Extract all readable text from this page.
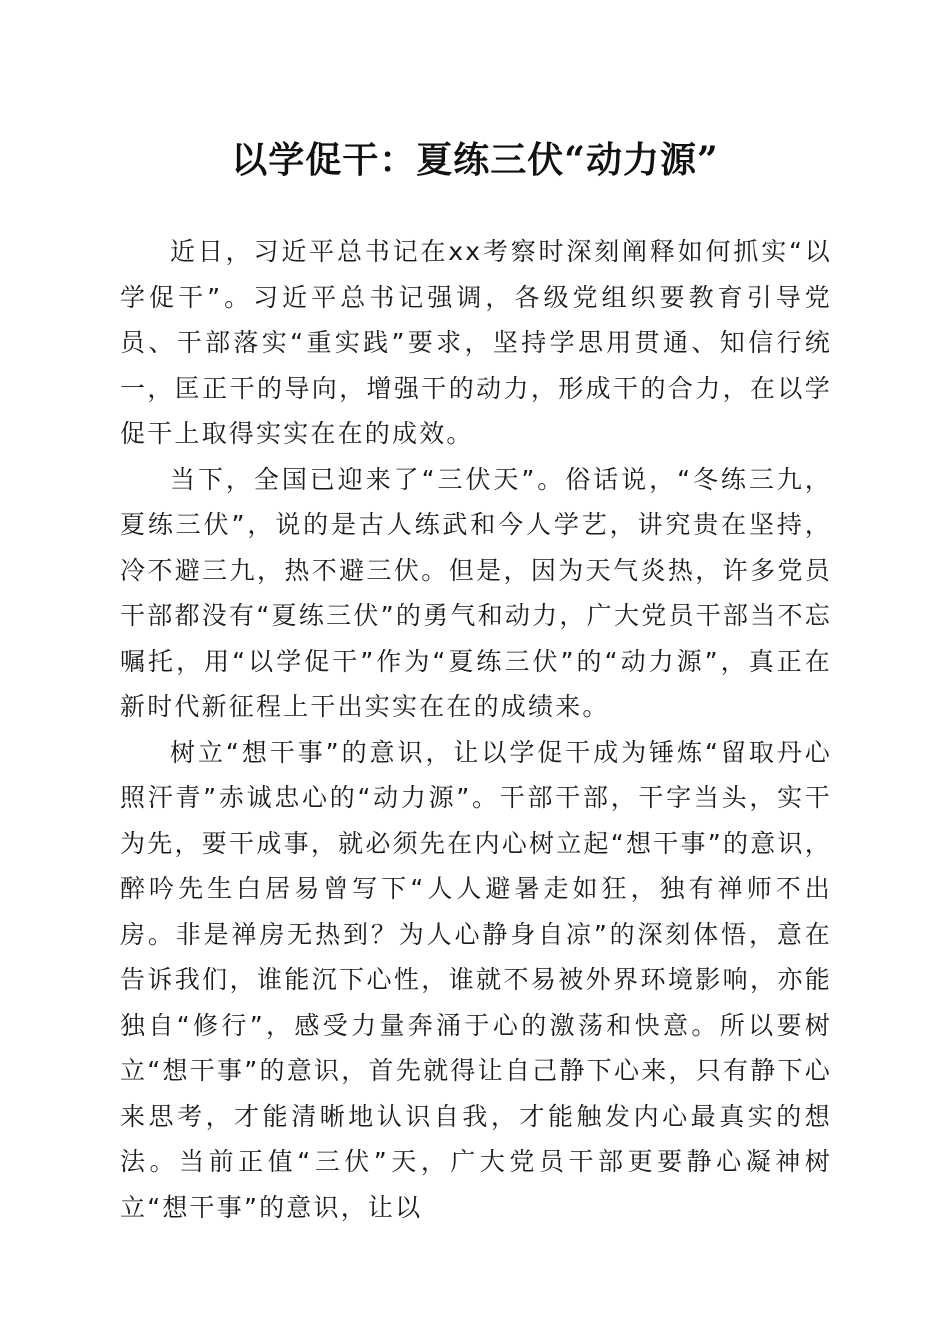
以学促干：夏练三伏“动力源”

近日，习近平总书记在xx考察时深刻阐释如何抓实“以学促干”。习近平总书记强调，各级党组织要教育引导党员、干部落实“重实践”要求，坚持学思用贯通、知信行统一，匡正干的导向，增强干的动力，形成干的合力，在以学促干上取得实实在在的成效。

当下，全国已迎来了“三伏天”。俗话说，“冬练三九，夏练三伏”，说的是古人练武和今人学艺，讲究贵在坚持，冷不避三九，热不避三伏。但是，因为天气炎热，许多党员干部都没有“夏练三伏”的勇气和动力，广大党员干部当不忘嘱托，用“以学促干”作为“夏练三伏”的“动力源”，真正在新时代新征程上干出实实在在的成绩来。

树立“想干事”的意识，让以学促干成为锤炼“留取丹心照汗青”赤诚忠心的“动力源”。干部干部，干字当头，实干为先，要干成事，就必须先在内心树立起“想干事”的意识，醉吟先生白居易曾写下“人人避暑走如狂，独有禅师不出房。非是禅房无热到？为人心静身自凉”的深刻体悟，意在告诉我们，谁能沉下心性，谁就不易被外界环境影响，亦能独自“修行”，感受力量奔涌于心的激荡和快意。所以要树立“想干事”的意识，首先就得让自己静下心来，只有静下心来思考，才能清晰地认识自我，才能触发内心最真实的想法。当前正值“三伏”天，广大党员干部更要静心凝神树立“想干事”的意识，让以
